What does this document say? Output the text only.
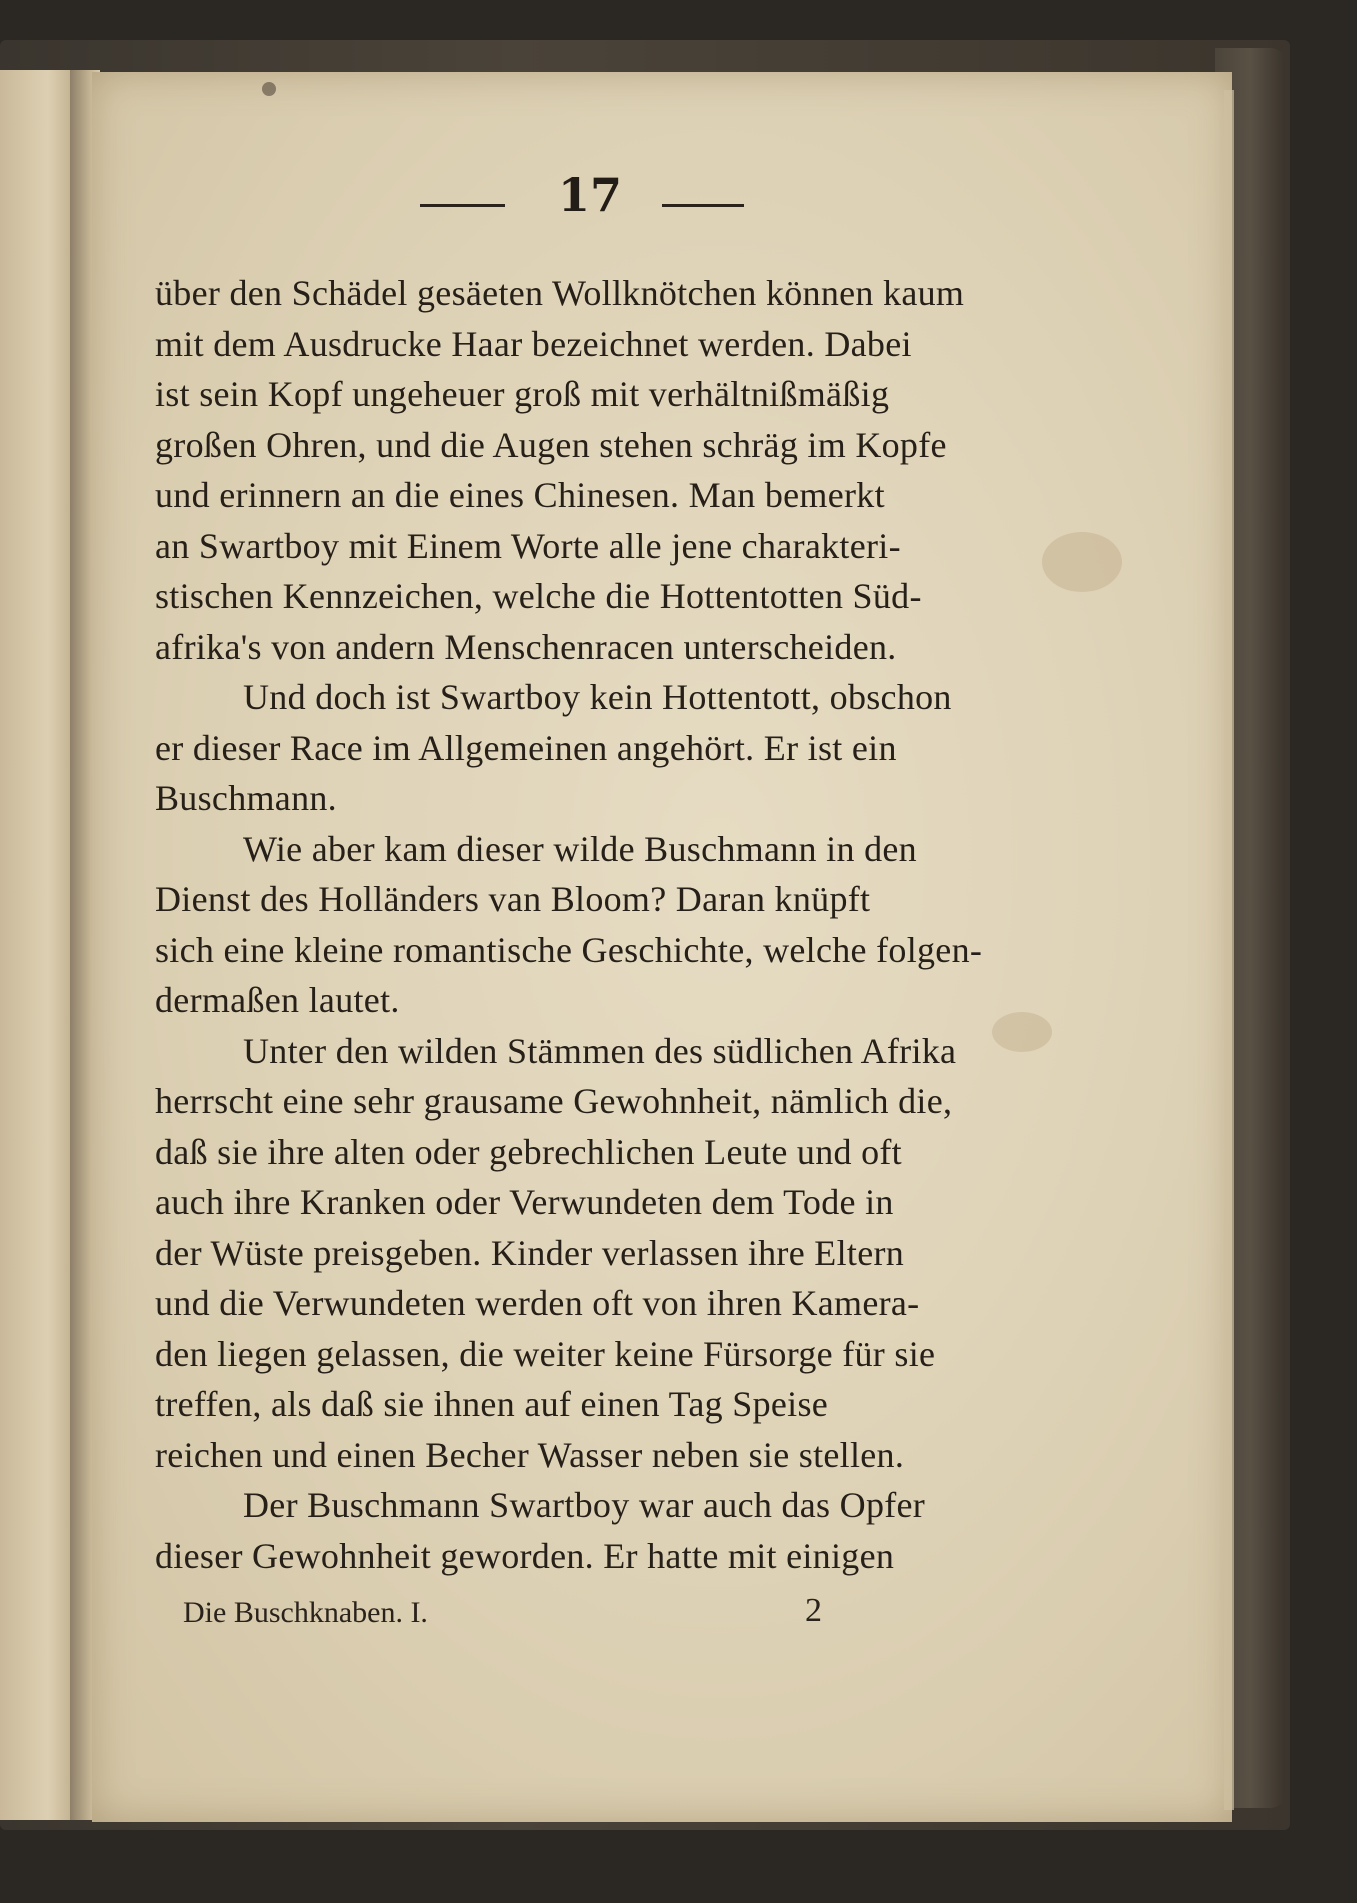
17
über den Schädel gesäeten Wollknötchen können kaum
mit dem Ausdrucke Haar bezeichnet werden. Dabei
ist sein Kopf ungeheuer groß mit verhältnißmäßig
großen Ohren, und die Augen stehen schräg im Kopfe
und erinnern an die eines Chinesen. Man bemerkt
an Swartboy mit Einem Worte alle jene charakteri-
stischen Kennzeichen, welche die Hottentotten Süd-
afrika's von andern Menschenracen unterscheiden.
Und doch ist Swartboy kein Hottentott, obschon
er dieser Race im Allgemeinen angehört. Er ist ein
Buschmann.
Wie aber kam dieser wilde Buschmann in den
Dienst des Holländers van Bloom? Daran knüpft
sich eine kleine romantische Geschichte, welche folgen-
dermaßen lautet.
Unter den wilden Stämmen des südlichen Afrika
herrscht eine sehr grausame Gewohnheit, nämlich die,
daß sie ihre alten oder gebrechlichen Leute und oft
auch ihre Kranken oder Verwundeten dem Tode in
der Wüste preisgeben. Kinder verlassen ihre Eltern
und die Verwundeten werden oft von ihren Kamera-
den liegen gelassen, die weiter keine Fürsorge für sie
treffen, als daß sie ihnen auf einen Tag Speise
reichen und einen Becher Wasser neben sie stellen.
Der Buschmann Swartboy war auch das Opfer
dieser Gewohnheit geworden. Er hatte mit einigen
Die Buschknaben. I.	2
